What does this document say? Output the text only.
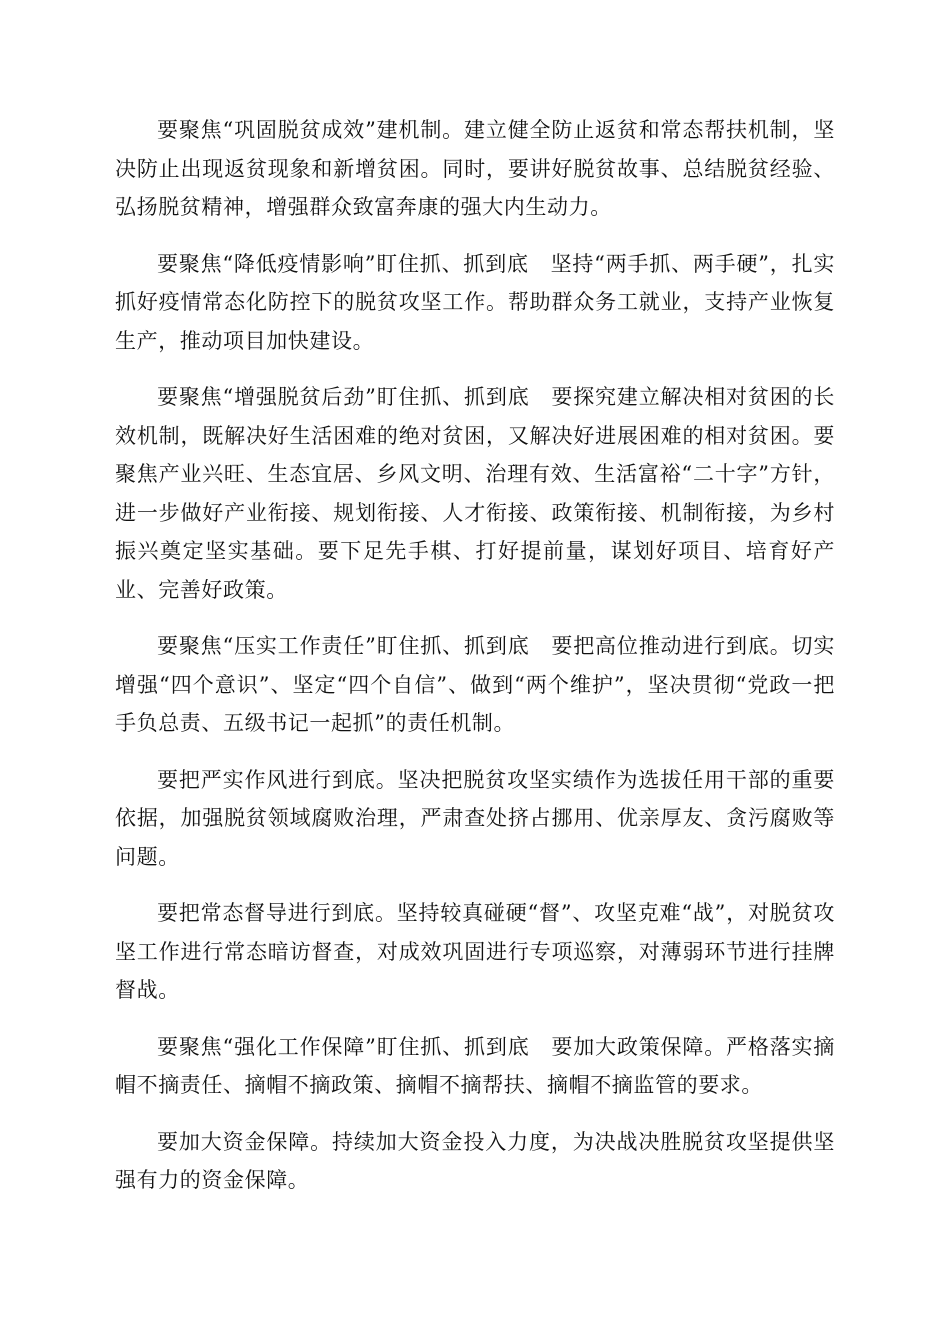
要聚焦“巩固脱贫成效”建机制。建立健全防止返贫和常态帮扶机制，坚决防止出现返贫现象和新增贫困。同时，要讲好脱贫故事、总结脱贫经验、弘扬脱贫精神，增强群众致富奔康的强大内生动力。

要聚焦“降低疫情影响”盯住抓、抓到底　坚持“两手抓、两手硬”，扎实抓好疫情常态化防控下的脱贫攻坚工作。帮助群众务工就业，支持产业恢复生产，推动项目加快建设。

要聚焦“增强脱贫后劲”盯住抓、抓到底　要探究建立解决相对贫困的长效机制，既解决好生活困难的绝对贫困，又解决好进展困难的相对贫困。要聚焦产业兴旺、生态宜居、乡风文明、治理有效、生活富裕“二十字”方针，进一步做好产业衔接、规划衔接、人才衔接、政策衔接、机制衔接，为乡村振兴奠定坚实基础。要下足先手棋、打好提前量，谋划好项目、培育好产业、完善好政策。

要聚焦“压实工作责任”盯住抓、抓到底　要把高位推动进行到底。切实增强“四个意识”、坚定“四个自信”、做到“两个维护”，坚决贯彻“党政一把手负总责、五级书记一起抓”的责任机制。

要把严实作风进行到底。坚决把脱贫攻坚实绩作为选拔任用干部的重要依据，加强脱贫领域腐败治理，严肃查处挤占挪用、优亲厚友、贪污腐败等问题。

要把常态督导进行到底。坚持较真碰硬“督”、攻坚克难“战”，对脱贫攻坚工作进行常态暗访督查，对成效巩固进行专项巡察，对薄弱环节进行挂牌督战。

要聚焦“强化工作保障”盯住抓、抓到底　要加大政策保障。严格落实摘帽不摘责任、摘帽不摘政策、摘帽不摘帮扶、摘帽不摘监管的要求。

要加大资金保障。持续加大资金投入力度，为决战决胜脱贫攻坚提供坚强有力的资金保障。
